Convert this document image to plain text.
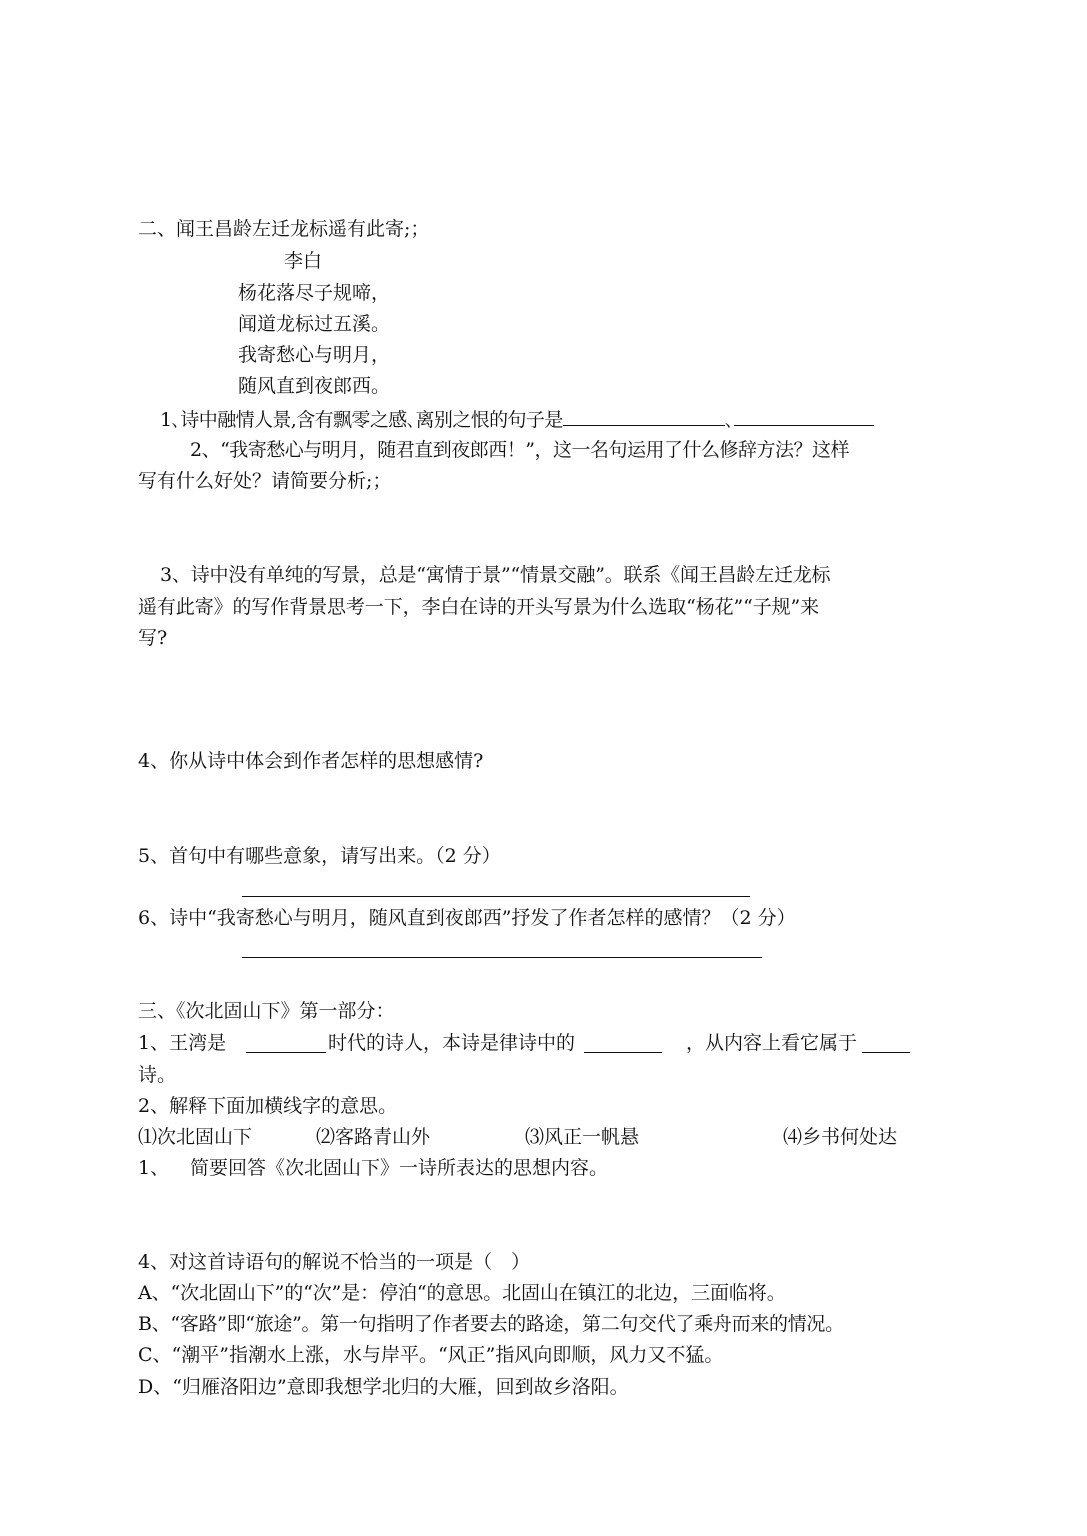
二、闻王昌龄左迁龙标遥有此寄;；
李白
杨花落尽子规啼，
闻道龙标过五溪。
我寄愁心与明月，
随风直到夜郎西。
1､诗中融情人景,含有飘零之感､离别之恨的句子是	､
2、“我寄愁心与明月，随君直到夜郎西！”，这一名句运用了什么修辞方法？这样
写有什么好处？请简要分析;；
3、诗中没有单纯的写景，总是“寓情于景”“情景交融”。联系《闻王昌龄左迁龙标
遥有此寄》的写作背景思考一下，李白在诗的开头写景为什么选取“杨花”“子规”来
写?
4、你从诗中体会到作者怎样的思想感情?
5、首句中有哪些意象，请写出来。（2 分）
6、诗中“我寄愁心与明月，随风直到夜郎西”抒发了作者怎样的感情？（2 分）
三、《次北固山下》第一部分：
1、王湾是	时代的诗人，本诗是律诗中的	，从内容上看它属于
诗。
2、解释下面加横线字的意思。
⑴次北固山下	⑵客路青山外	⑶风正一帆悬	⑷乡书何处达
1、 简要回答《次北固山下》一诗所表达的思想内容。
4、对这首诗语句的解说不恰当的一项是（　）
A、“次北固山下”的“次”是：停泊“的意思。北固山在镇江的北边，三面临将。
B、“客路”即“旅途”。第一句指明了作者要去的路途，第二句交代了乘舟而来的情况。
C、“潮平”指潮水上涨，水与岸平。“风正”指风向即顺，风力又不猛。
D、“归雁洛阳边”意即我想学北归的大雁，回到故乡洛阳。
